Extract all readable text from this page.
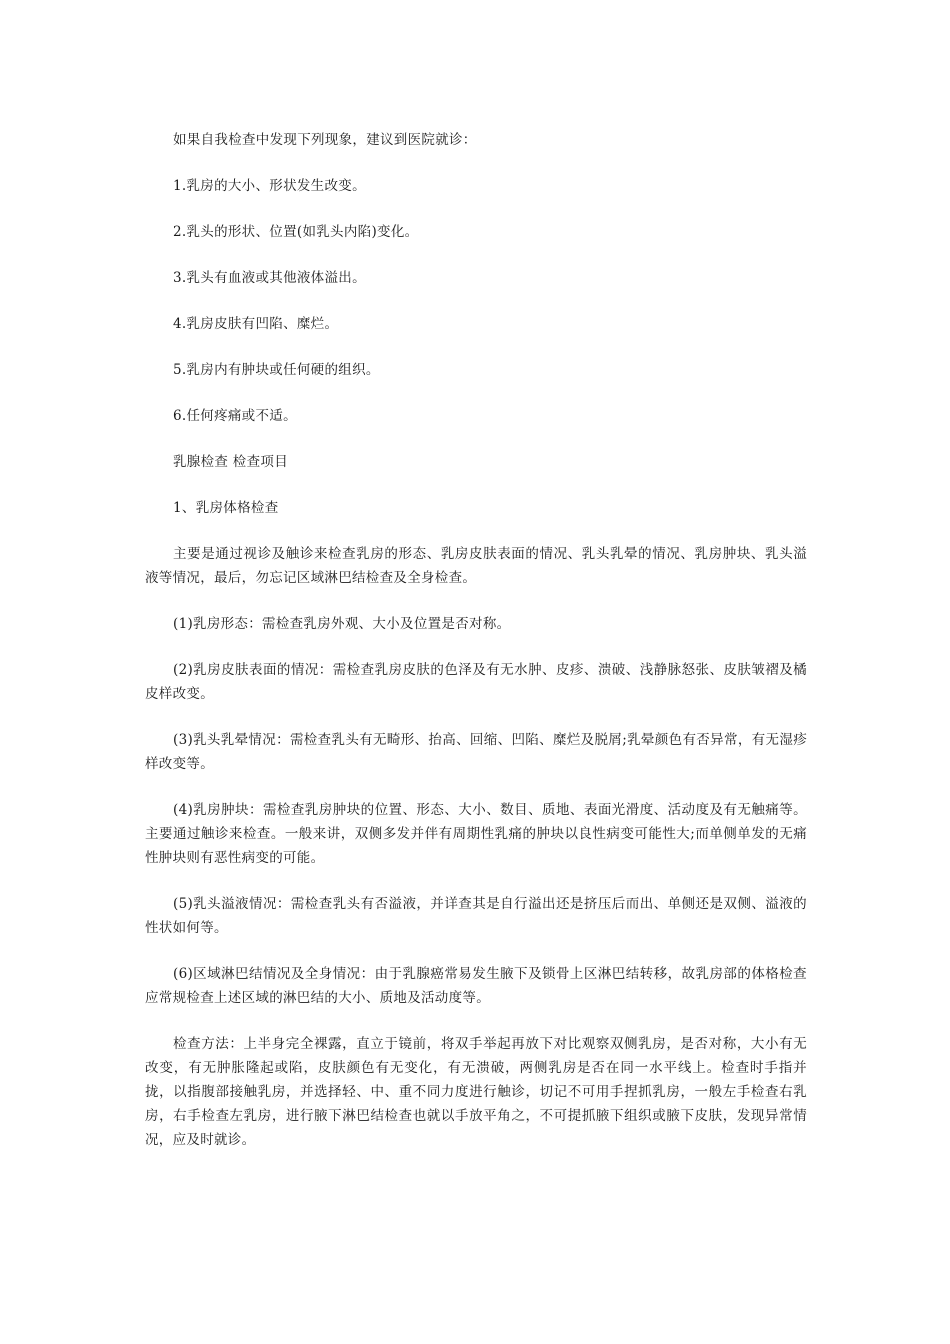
如果自我检查中发现下列现象，建议到医院就诊：

1.乳房的大小、形状发生改变。

2.乳头的形状、位置(如乳头内陷)变化。

3.乳头有血液或其他液体溢出。

4.乳房皮肤有凹陷、糜烂。

5.乳房内有肿块或任何硬的组织。

6.任何疼痛或不适。

乳腺检查 检查项目

1、乳房体格检查

主要是通过视诊及触诊来检查乳房的形态、乳房皮肤表面的情况、乳头乳晕的情况、乳房肿块、乳头溢液等情况，最后，勿忘记区域淋巴结检查及全身检查。

(1)乳房形态：需检查乳房外观、大小及位置是否对称。

(2)乳房皮肤表面的情况：需检查乳房皮肤的色泽及有无水肿、皮疹、溃破、浅静脉怒张、皮肤皱褶及橘皮样改变。

(3)乳头乳晕情况：需检查乳头有无畸形、抬高、回缩、凹陷、糜烂及脱屑;乳晕颜色有否异常，有无湿疹样改变等。

(4)乳房肿块：需检查乳房肿块的位置、形态、大小、数目、质地、表面光滑度、活动度及有无触痛等。主要通过触诊来检查。一般来讲，双侧多发并伴有周期性乳痛的肿块以良性病变可能性大;而单侧单发的无痛性肿块则有恶性病变的可能。

(5)乳头溢液情况：需检查乳头有否溢液，并详查其是自行溢出还是挤压后而出、单侧还是双侧、溢液的性状如何等。

(6)区域淋巴结情况及全身情况：由于乳腺癌常易发生腋下及锁骨上区淋巴结转移，故乳房部的体格检查应常规检查上述区域的淋巴结的大小、质地及活动度等。

检查方法：上半身完全裸露，直立于镜前，将双手举起再放下对比观察双侧乳房，是否对称，大小有无改变，有无肿胀隆起或陷，皮肤颜色有无变化，有无溃破，两侧乳房是否在同一水平线上。检查时手指并拢，以指腹部接触乳房，并选择轻、中、重不同力度进行触诊，切记不可用手捏抓乳房，一般左手检查右乳房，右手检查左乳房，进行腋下淋巴结检查也就以手放平角之，不可提抓腋下组织或腋下皮肤，发现异常情况，应及时就诊。
